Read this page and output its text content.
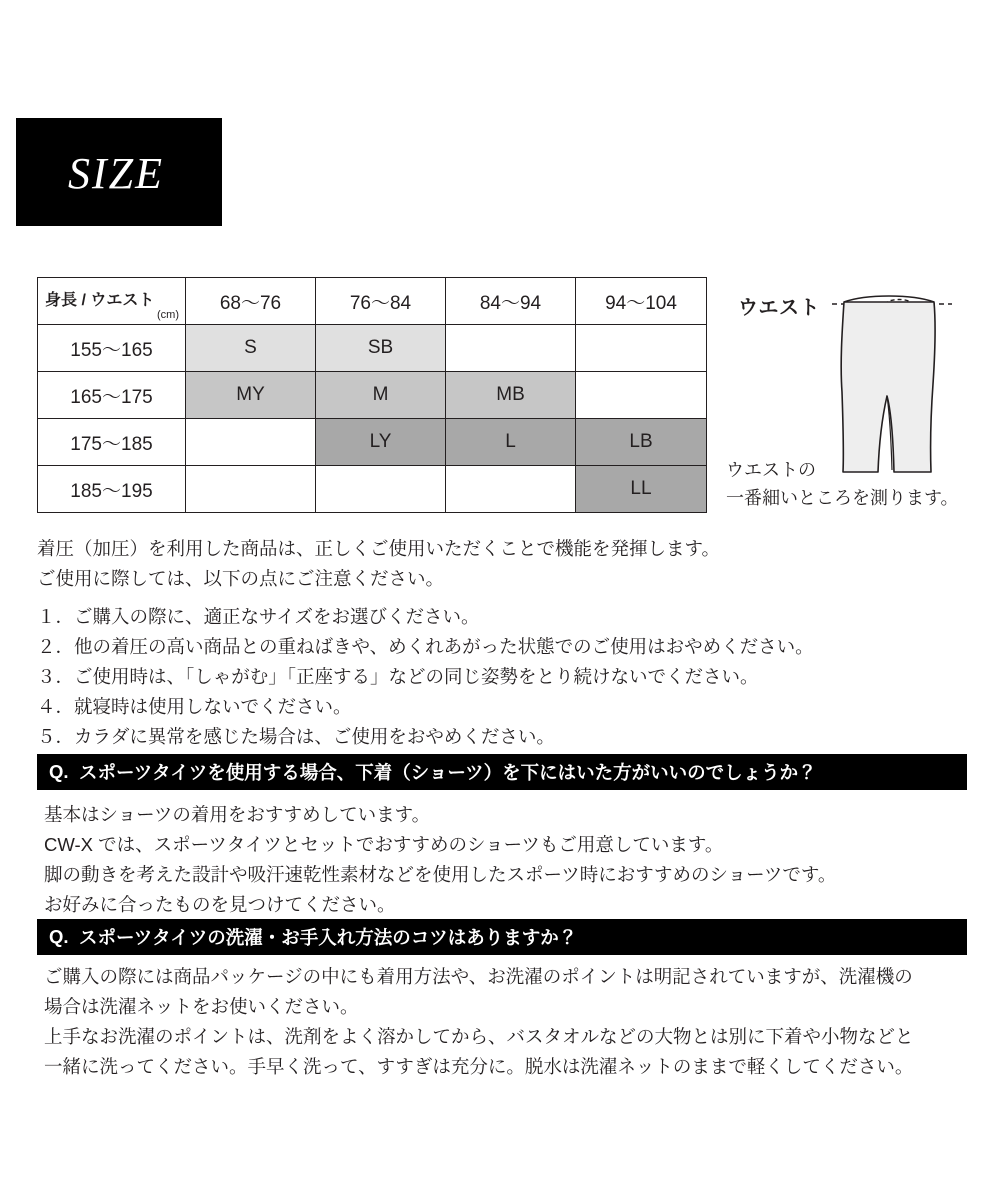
SIZE
身長 / ウエスト
(cm)	68〜76	76〜84	84〜94	94〜104
155〜165	S	SB		
165〜175	MY	M	MB	
175〜185		LY	L	LB
185〜195				LL
ウエスト
ウエストの
一番細いところを測ります。

着圧（加圧）を利用した商品は、正しくご使用いただくことで機能を発揮します。
ご使用に際しては、以下の点にご注意ください。

１．ご購入の際に、適正なサイズをお選びください。
２．他の着圧の高い商品との重ねばきや、めくれあがった状態でのご使用はおやめください。
３．ご使用時は、「しゃがむ」「正座する」などの同じ姿勢をとり続けないでください。
４．就寝時は使用しないでください。
５．カラダに異常を感じた場合は、ご使用をおやめください。
Q. スポーツタイツを使用する場合、下着（ショーツ）を下にはいた方がいいのでしょうか？

基本はショーツの着用をおすすめしています。

CW-X では、スポーツタイツとセットでおすすめのショーツもご用意しています。

脚の動きを考えた設計や吸汗速乾性素材などを使用したスポーツ時におすすめのショーツです。

お好みに合ったものを見つけてください。

Q. スポーツタイツの洗濯・お手入れ方法のコツはありますか？

ご購入の際には商品パッケージの中にも着用方法や、お洗濯のポイントは明記されていますが、洗濯機の

場合は洗濯ネットをお使いください。

上手なお洗濯のポイントは、洗剤をよく溶かしてから、バスタオルなどの大物とは別に下着や小物などと

一緒に洗ってください。手早く洗って、すすぎは充分に。脱水は洗濯ネットのままで軽くしてください。
